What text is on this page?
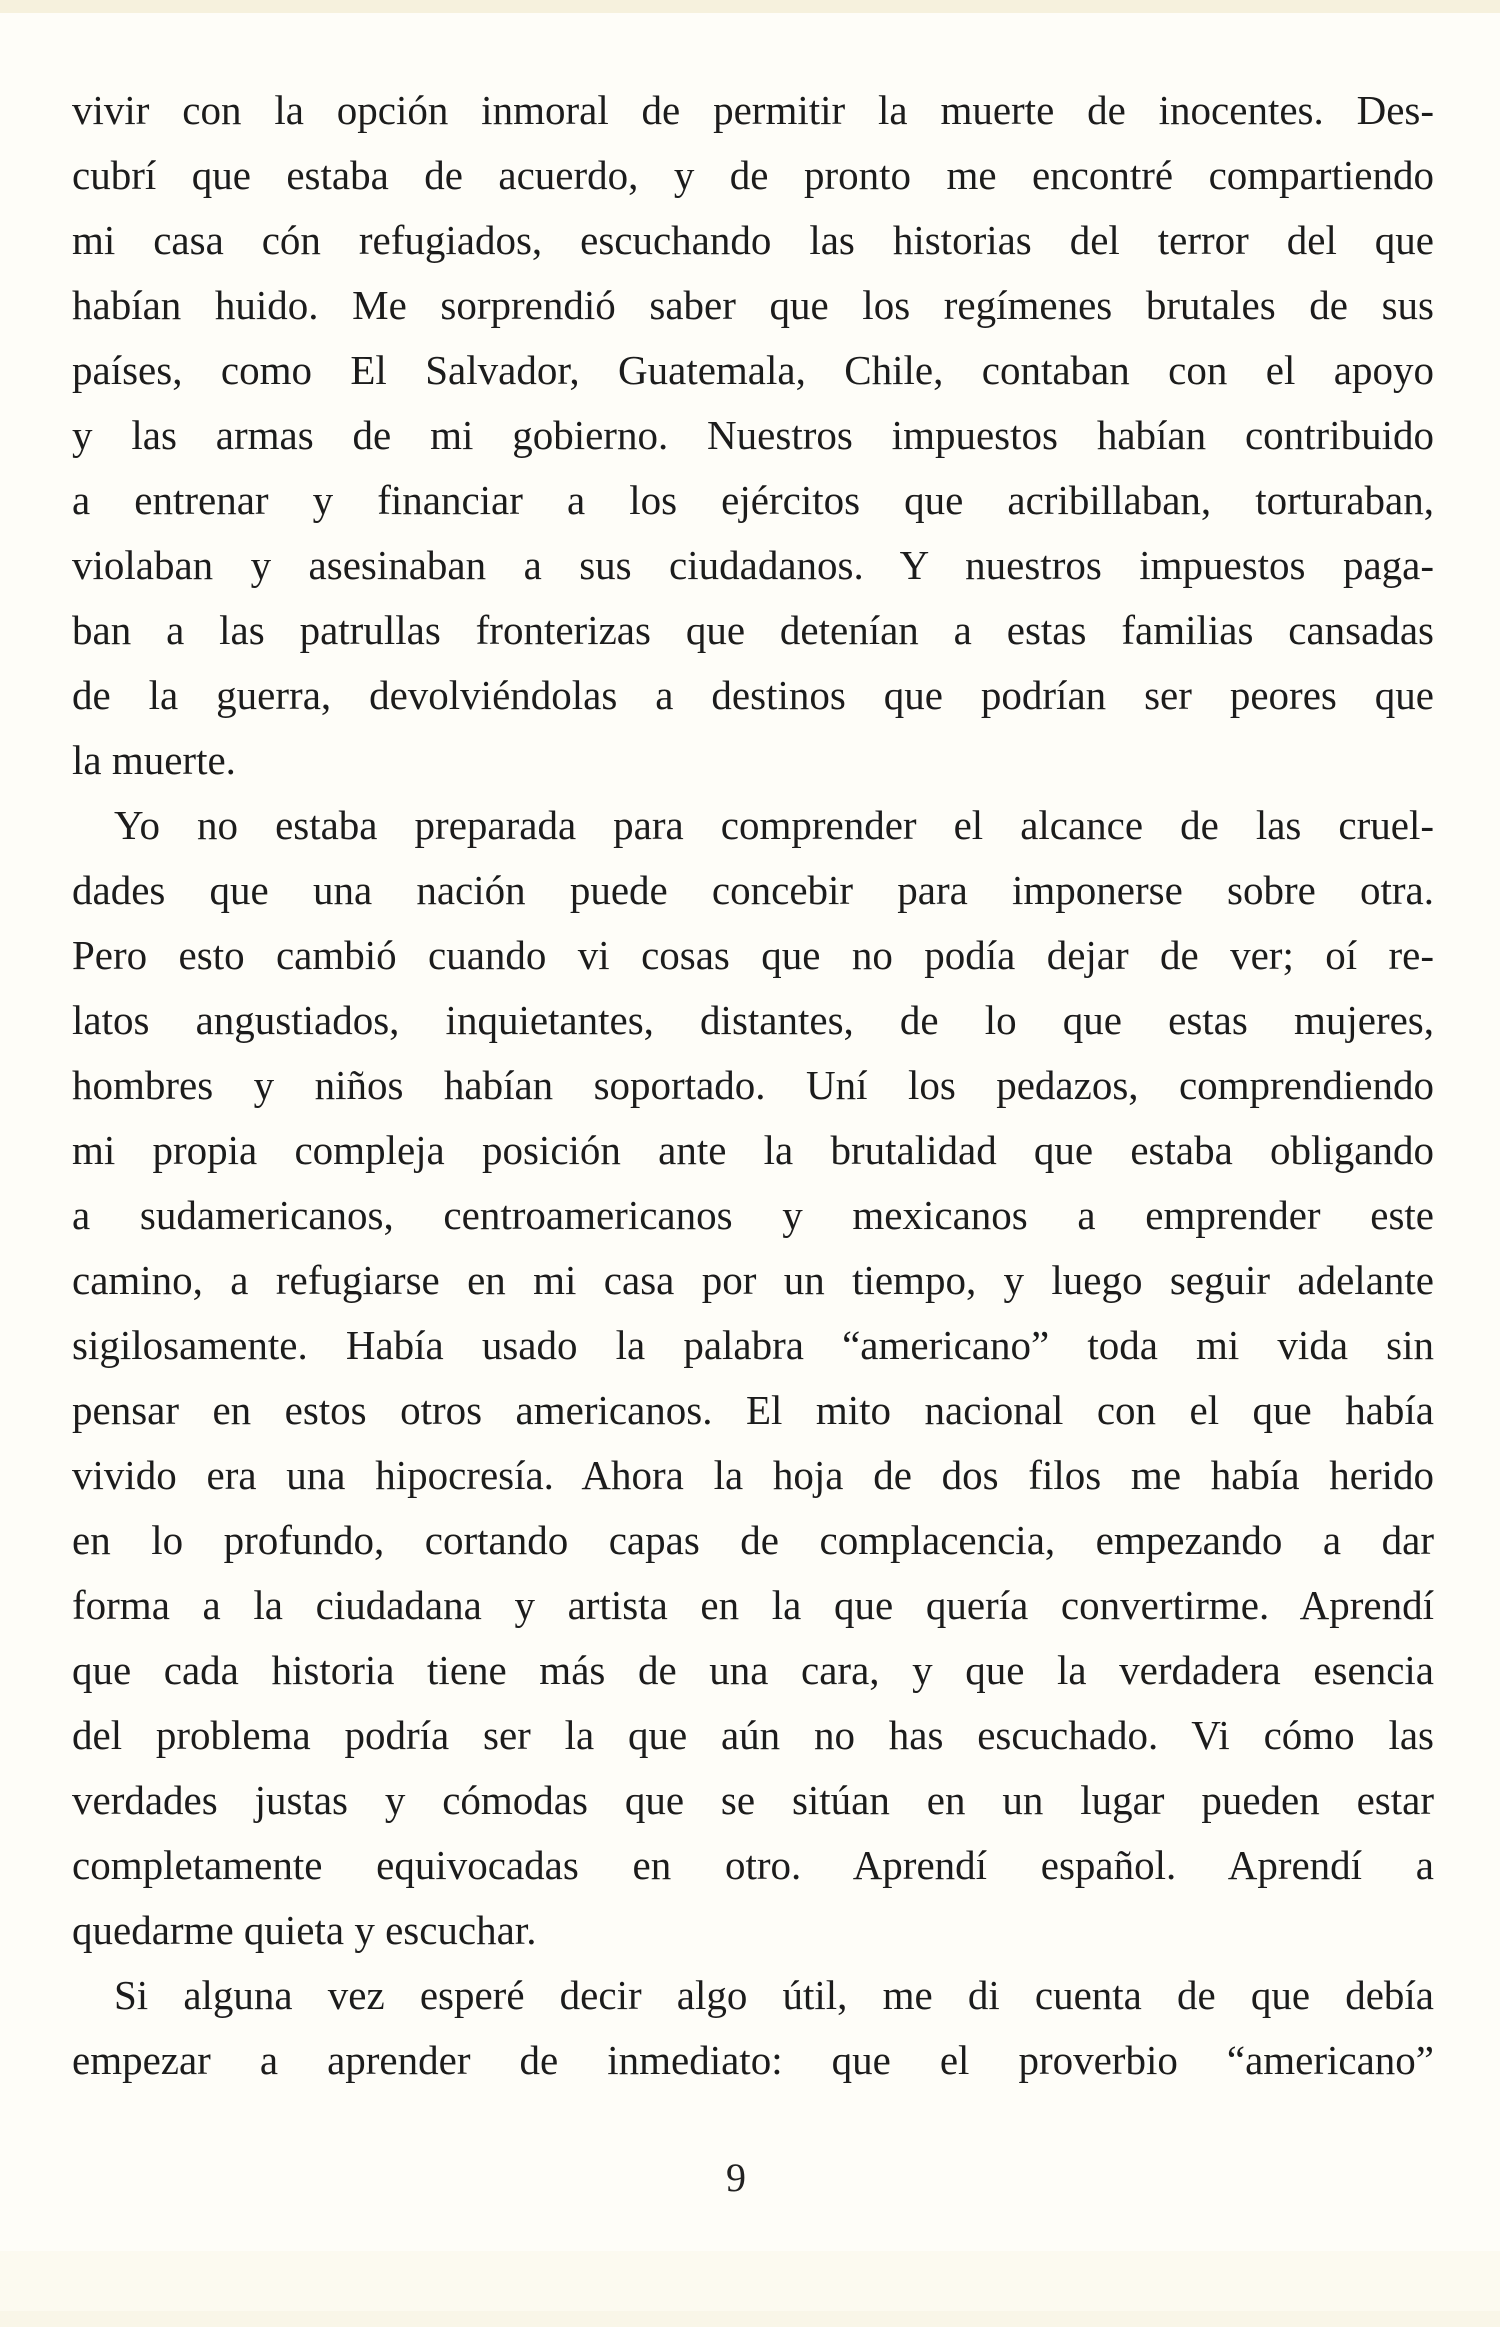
vivir con la opción inmoral de permitir la muerte de inocentes. Des-
cubrí que estaba de acuerdo, y de pronto me encontré compartiendo
mi casa cón refugiados, escuchando las historias del terror del que
habían huido. Me sorprendió saber que los regímenes brutales de sus
países, como El Salvador, Guatemala, Chile, contaban con el apoyo
y las armas de mi gobierno. Nuestros impuestos habían contribuido
a entrenar y financiar a los ejércitos que acribillaban, torturaban,
violaban y asesinaban a sus ciudadanos. Y nuestros impuestos paga-
ban a las patrullas fronterizas que detenían a estas familias cansadas
de la guerra, devolviéndolas a destinos que podrían ser peores que
la muerte.
Yo no estaba preparada para comprender el alcance de las cruel-
dades que una nación puede concebir para imponerse sobre otra.
Pero esto cambió cuando vi cosas que no podía dejar de ver; oí re-
latos angustiados, inquietantes, distantes, de lo que estas mujeres,
hombres y niños habían soportado. Uní los pedazos, comprendiendo
mi propia compleja posición ante la brutalidad que estaba obligando
a sudamericanos, centroamericanos y mexicanos a emprender este
camino, a refugiarse en mi casa por un tiempo, y luego seguir adelante
sigilosamente. Había usado la palabra “americano” toda mi vida sin
pensar en estos otros americanos. El mito nacional con el que había
vivido era una hipocresía. Ahora la hoja de dos filos me había herido
en lo profundo, cortando capas de complacencia, empezando a dar
forma a la ciudadana y artista en la que quería convertirme. Aprendí
que cada historia tiene más de una cara, y que la verdadera esencia
del problema podría ser la que aún no has escuchado. Vi cómo las
verdades justas y cómodas que se sitúan en un lugar pueden estar
completamente equivocadas en otro. Aprendí español. Aprendí a
quedarme quieta y escuchar.
Si alguna vez esperé decir algo útil, me di cuenta de que debía
empezar a aprender de inmediato: que el proverbio “americano”
9
